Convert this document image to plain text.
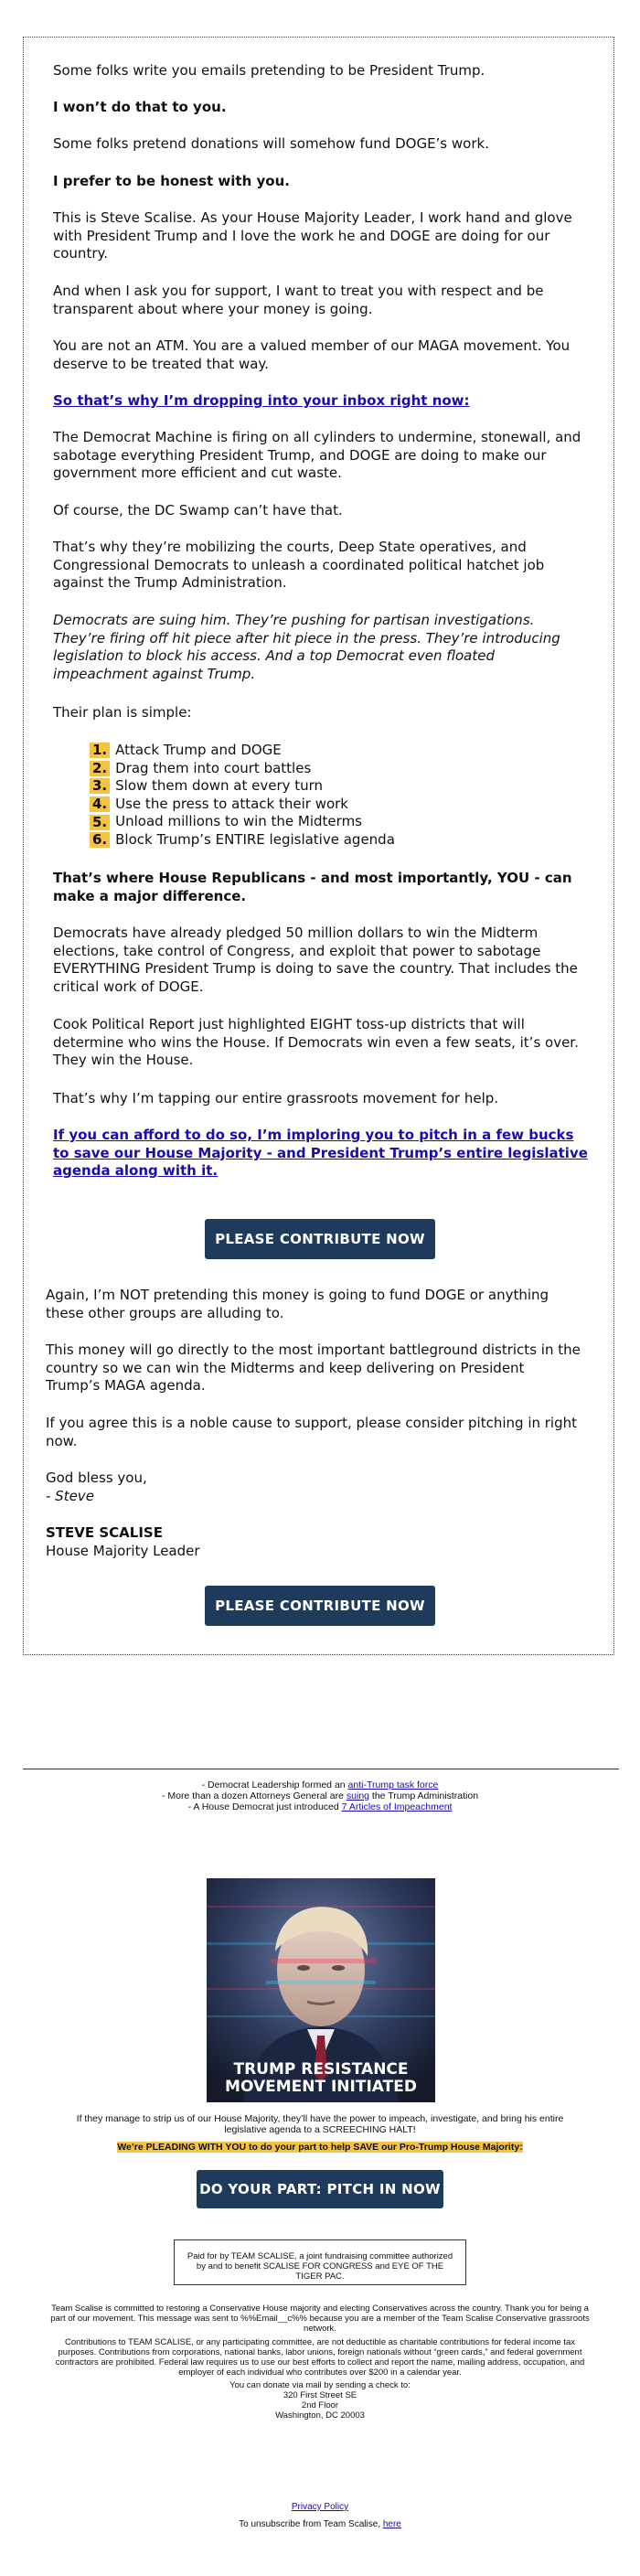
Some folks write you emails pretending to be President Trump.

I won’t do that to you.

Some folks pretend donations will somehow fund DOGE’s work.

I prefer to be honest with you.

This is Steve Scalise. As your House Majority Leader, I work hand and glove with President Trump and I love the work he and DOGE are doing for our country.

And when I ask you for support, I want to treat you with respect and be transparent about where your money is going.

You are not an ATM. You are a valued member of our MAGA movement. You deserve to be treated that way.

So that’s why I’m dropping into your inbox right now:

The Democrat Machine is firing on all cylinders to undermine, stonewall, and sabotage everything President Trump, and DOGE are doing to make our government more efficient and cut waste.

Of course, the DC Swamp can’t have that.

That’s why they’re mobilizing the courts, Deep State operatives, and Congressional Democrats to unleash a coordinated political hatchet job against the Trump Administration.

Democrats are suing him. They’re pushing for partisan investigations. They’re firing off hit piece after hit piece in the press. They’re introducing legislation to block his access. And a top Democrat even floated impeachment against Trump.

Their plan is simple:

1. Attack Trump and DOGE
2. Drag them into court battles
3. Slow them down at every turn
4. Use the press to attack their work
5. Unload millions to win the Midterms
6. Block Trump’s ENTIRE legislative agenda

That’s where House Republicans - and most importantly, YOU - can make a major difference.

Democrats have already pledged 50 million dollars to win the Midterm elections, take control of Congress, and exploit that power to sabotage EVERYTHING President Trump is doing to save the country. That includes the critical work of DOGE.

Cook Political Report just highlighted EIGHT toss-up districts that will determine who wins the House. If Democrats win even a few seats, it’s over. They win the House.

That’s why I’m tapping our entire grassroots movement for help.

If you can afford to do so, I’m imploring you to pitch in a few bucks to save our House Majority - and President Trump’s entire legislative agenda along with it.

PLEASE CONTRIBUTE NOW

Again, I’m NOT pretending this money is going to fund DOGE or anything these other groups are alluding to.

This money will go directly to the most important battleground districts in the country so we can win the Midterms and keep delivering on President Trump’s MAGA agenda.

If you agree this is a noble cause to support, please consider pitching in right now.

God bless you,

- Steve

STEVE SCALISE

House Majority Leader

PLEASE CONTRIBUTE NOW

- Democrat Leadership formed an anti-Trump task force

- More than a dozen Attorneys General are suing the Trump Administration

- A House Democrat just introduced 7 Articles of Impeachment

TRUMP RESISTANCE
MOVEMENT INITIATED

If they manage to strip us of our House Majority, they’ll have the power to impeach, investigate, and bring his entire legislative agenda to a SCREECHING HALT!

We’re PLEADING WITH YOU to do your part to help SAVE our Pro-Trump House Majority:

DO YOUR PART: PITCH IN NOW

Paid for by TEAM SCALISE, a joint fundraising committee authorized by and to benefit SCALISE FOR CONGRESS and EYE OF THE TIGER PAC.

Team Scalise is committed to restoring a Conservative House majority and electing Conservatives across the country. Thank you for being a part of our movement. This message was sent to %%Email__c%% because you are a member of the Team Scalise Conservative grassroots network.

Contributions to TEAM SCALISE, or any participating committee, are not deductible as charitable contributions for federal income tax purposes. Contributions from corporations, national banks, labor unions, foreign nationals without “green cards,” and federal government contractors are prohibited. Federal law requires us to use our best efforts to collect and report the name, mailing address, occupation, and employer of each individual who contributes over $200 in a calendar year.

You can donate via mail by sending a check to:

320 First Street SE

2nd Floor

Washington, DC 20003

Privacy Policy

To unsubscribe from Team Scalise, here
